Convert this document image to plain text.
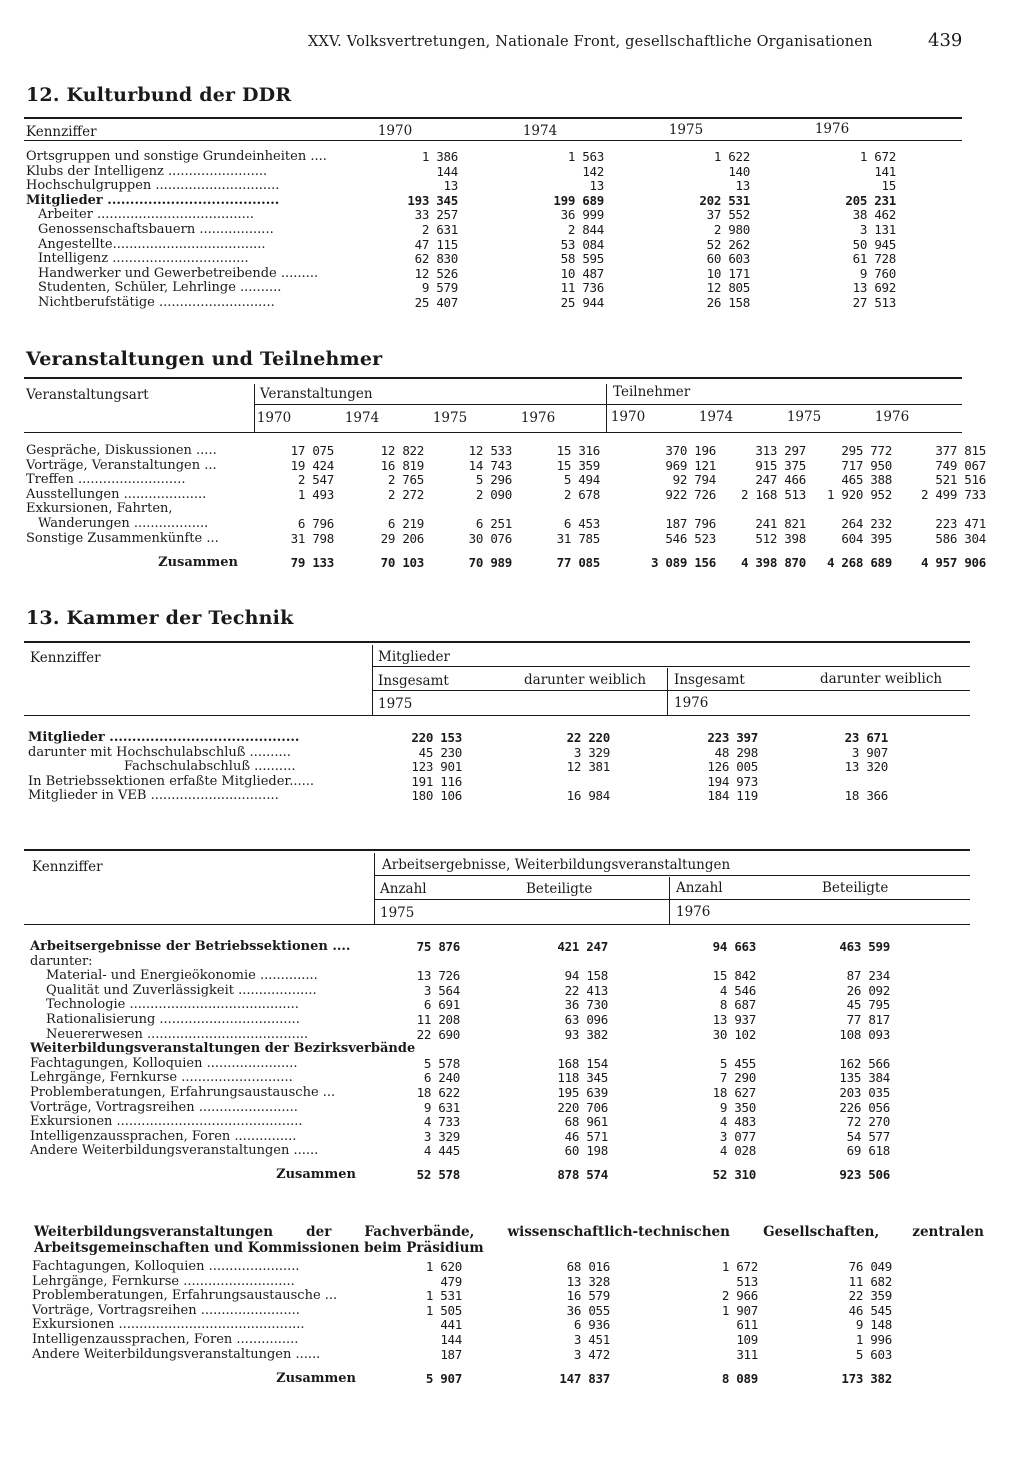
XXV. Volksvertretungen, Nationale Front, gesellschaftliche Organisationen	439
12. Kulturbund der DDR
Kennziffer	1970	1974	1975	1976
Ortsgruppen und sonstige Grundeinheiten ....	1 386	1 563	1 622	1 672
Klubs der Intelligenz ........................	144	142	140	141
Hochschulgruppen ..............................	13	13	13	15
Mitglieder ......................................	193 345	199 689	202 531	205 231
Arbeiter ......................................	33 257	36 999	37 552	38 462
Genossenschaftsbauern ..................	2 631	2 844	2 980	3 131
Angestellte.....................................	47 115	53 084	52 262	50 945
Intelligenz .................................	62 830	58 595	60 603	61 728
Handwerker und Gewerbetreibende .........	12 526	10 487	10 171	9 760
Studenten, Schüler, Lehrlinge ..........	9 579	11 736	12 805	13 692
Nichtberufstätige ............................	25 407	25 944	26 158	27 513
Veranstaltungen und Teilnehmer
Veranstaltungsart	Veranstaltungen	Teilnehmer
1970	1974	1975	1976	1970	1974	1975	1976
Gespräche, Diskussionen .....	17 075	12 822	12 533	15 316	370 196	313 297	295 772	377 815
Vorträge, Veranstaltungen ...	19 424	16 819	14 743	15 359	969 121	915 375	717 950	749 067
Treffen ..........................	2 547	2 765	5 296	5 494	92 794	247 466	465 388	521 516
Ausstellungen ....................	1 493	2 272	2 090	2 678	922 726	2 168 513	1 920 952	2 499 733
Exkursionen, Fahrten,								
Wanderungen ..................	6 796	6 219	6 251	6 453	187 796	241 821	264 232	223 471
Sonstige Zusammenkünfte ...	31 798	29 206	30 076	31 785	546 523	512 398	604 395	586 304
Zusammen	79 133	70 103	70 989	77 085	3 089 156	4 398 870	4 268 689	4 957 906
13. Kammer der Technik
Kennziffer	Mitglieder
Insgesamt	darunter weiblich Insgesamt	darunter weiblich
1975	1976
Mitglieder ..........................................	220 153	22 220	223 397	23 671
darunter mit Hochschulabschluß ..........	45 230	3 329	48 298	3 907
Fachschulabschluß ..........	123 901	12 381	126 005	13 320
In Betriebssektionen erfaßte Mitglieder......	191 116		194 973	
Mitglieder in VEB ...............................	180 106	16 984	184 119	18 366
Kennziffer	Arbeitsergebnisse, Weiterbildungsveranstaltungen
Anzahl	Beteiligte	Anzahl	Beteiligte
1975	1976
Arbeitsergebnisse der Betriebssektionen ....	75 876	421 247	94 663	463 599
darunter:				
Material- und Energieökonomie ..............	13 726	94 158	15 842	87 234
Qualität und Zuverlässigkeit ...................	3 564	22 413	4 546	26 092
Technologie .........................................	6 691	36 730	8 687	45 795
Rationalisierung ..................................	11 208	63 096	13 937	77 817
Neuererwesen .......................................	22 690	93 382	30 102	108 093
Weiterbildungsveranstaltungen der Bezirksverbände				
Fachtagungen, Kolloquien ......................	5 578	168 154	5 455	162 566
Lehrgänge, Fernkurse ...........................	6 240	118 345	7 290	135 384
Problemberatungen, Erfahrungsaustausche ...	18 622	195 639	18 627	203 035
Vorträge, Vortragsreihen ........................	9 631	220 706	9 350	226 056
Exkursionen .............................................	4 733	68 961	4 483	72 270
Intelligenzaussprachen, Foren ...............	3 329	46 571	3 077	54 577
Andere Weiterbildungsveranstaltungen ......	4 445	60 198	4 028	69 618
Zusammen	52 578	878 574	52 310	923 506
Weiterbildungsveranstaltungen der Fachverbände, wissenschaftlich-technischen Gesellschaften, zentralen Arbeitsgemeinschaften und Kommissionen beim Präsidium
Fachtagungen, Kolloquien ......................	1 620	68 016	1 672	76 049
Lehrgänge, Fernkurse ...........................	479	13 328	513	11 682
Problemberatungen, Erfahrungsaustausche ...	1 531	16 579	2 966	22 359
Vorträge, Vortragsreihen ........................	1 505	36 055	1 907	46 545
Exkursionen .............................................	441	6 936	611	9 148
Intelligenzaussprachen, Foren ...............	144	3 451	109	1 996
Andere Weiterbildungsveranstaltungen ......	187	3 472	311	5 603
Zusammen	5 907	147 837	8 089	173 382
